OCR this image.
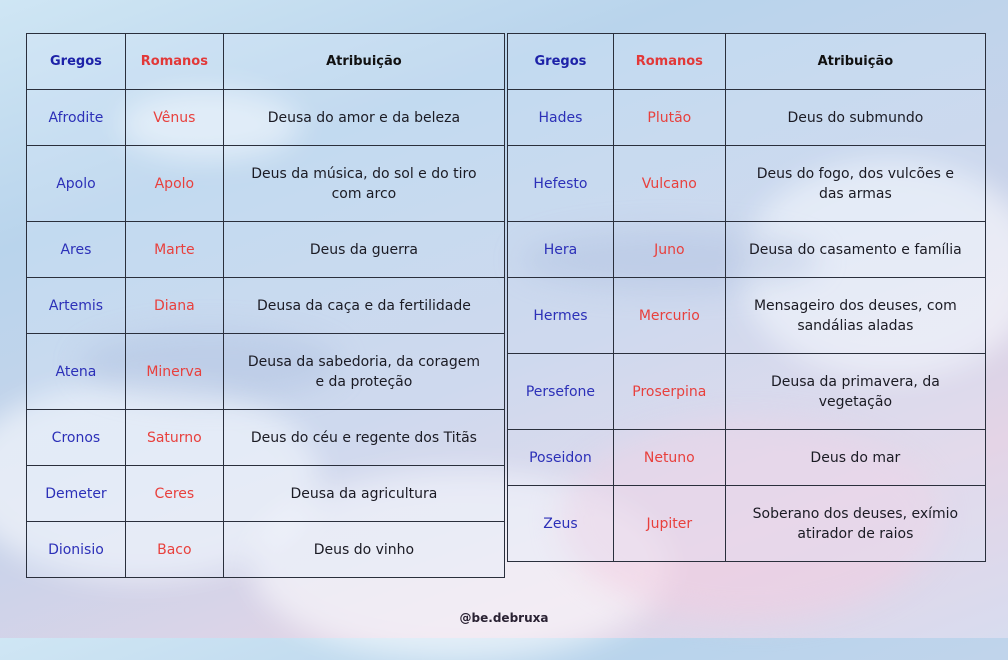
Gregos	Romanos	Atribuição
Afrodite	Vênus	Deusa do amor e da beleza
Apolo	Apolo	Deus da música, do sol e do tiro com arco
Ares	Marte	Deus da guerra
Artemis	Diana	Deusa da caça e da fertilidade
Atena	Minerva	Deusa da sabedoria, da coragem e da proteção
Cronos	Saturno	Deus do céu e regente dos Titãs
Demeter	Ceres	Deusa da agricultura
Dionisio	Baco	Deus do vinho
Gregos	Romanos	Atribuição
Hades	Plutão	Deus do submundo
Hefesto	Vulcano	Deus do fogo, dos vulcões e das armas
Hera	Juno	Deusa do casamento e família
Hermes	Mercurio	Mensageiro dos deuses, com sandálias aladas
Persefone	Proserpina	Deusa da primavera, da vegetação
Poseidon	Netuno	Deus do mar
Zeus	Jupiter	Soberano dos deuses, exímio atirador de raios
@be.debruxa
